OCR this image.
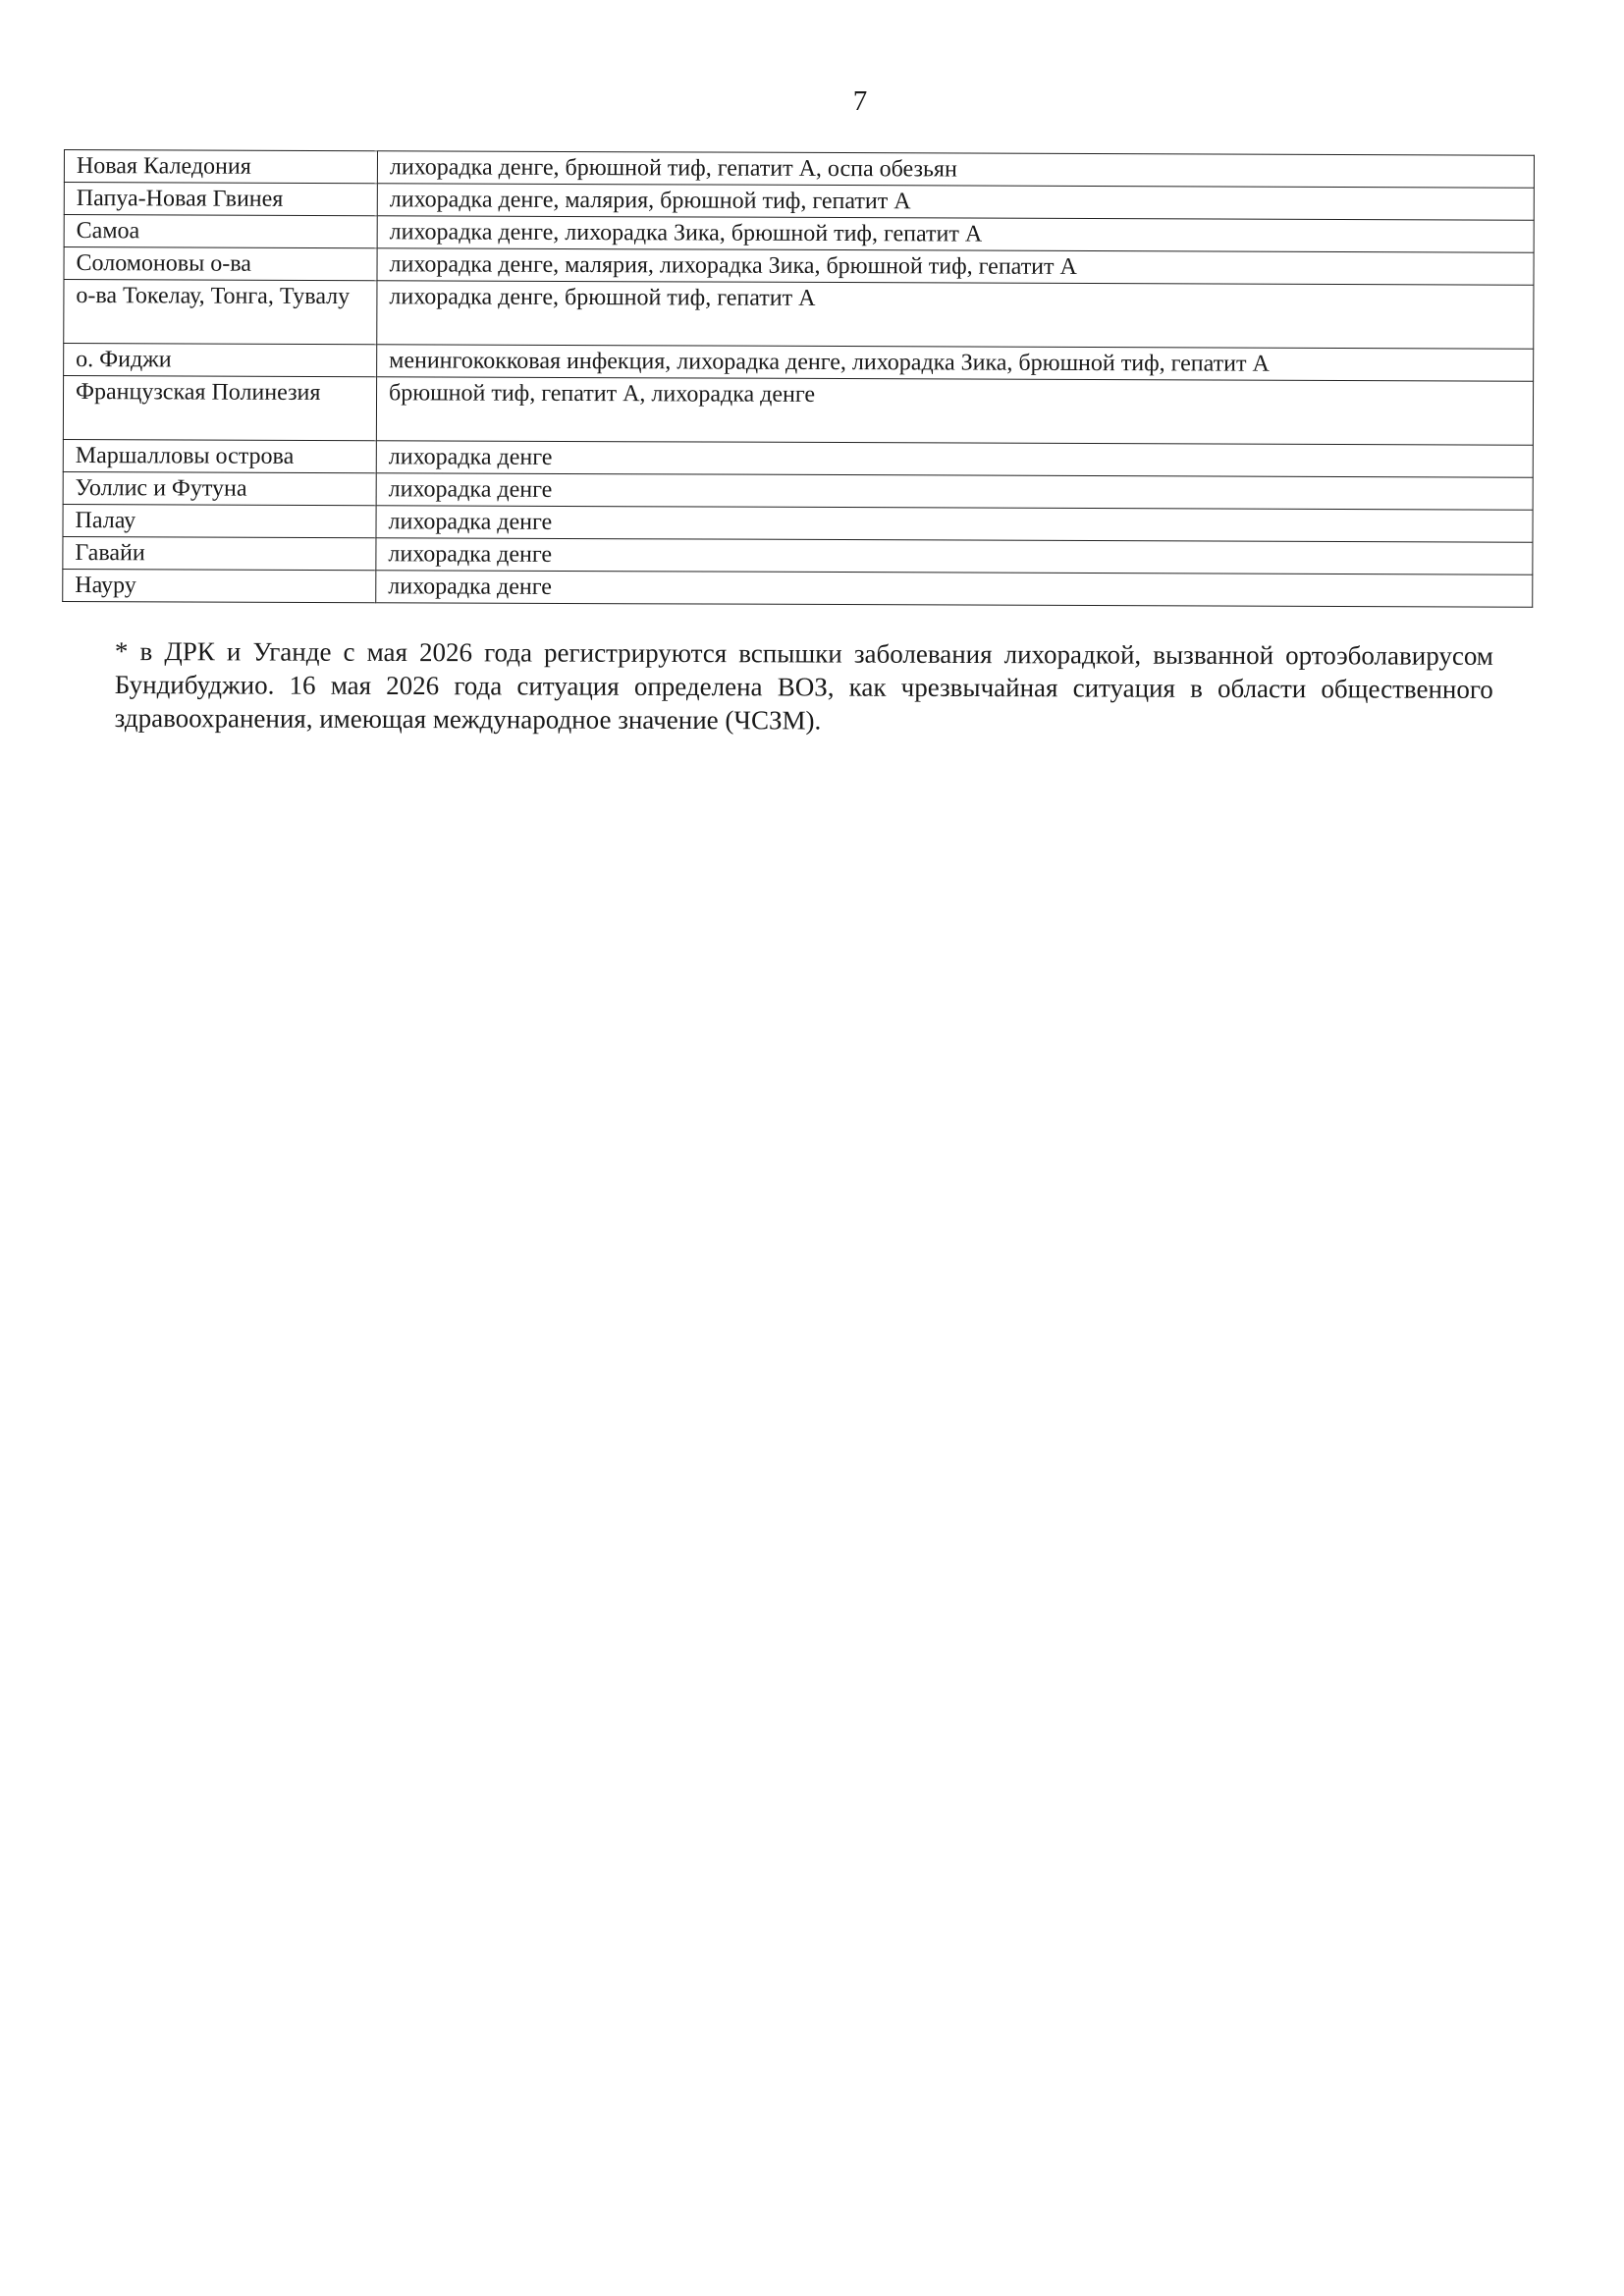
7
Новая Каледония	лихорадка денге, брюшной тиф, гепатит А, оспа обезьян
Папуа-Новая Гвинея	лихорадка денге, малярия, брюшной тиф, гепатит А
Самоа	лихорадка денге, лихорадка Зика, брюшной тиф, гепатит А
Соломоновы о-ва	лихорадка денге, малярия, лихорадка Зика, брюшной тиф, гепатит А
о-ва Токелау, Тонга, Тувалу	лихорадка денге, брюшной тиф, гепатит А
о. Фиджи	менингококковая инфекция, лихорадка денге, лихорадка Зика, брюшной тиф, гепатит А
Французская Полинезия	брюшной тиф, гепатит А, лихорадка денге
Маршалловы острова	лихорадка денге
Уоллис и Футуна	лихорадка денге
Палау	лихорадка денге
Гавайи	лихорадка денге
Науру	лихорадка денге
* в ДРК и Уганде с мая 2026 года регистрируются вспышки заболевания лихорадкой, вызванной ортоэболавирусом Бундибуджио. 16 мая 2026 года ситуация определена ВОЗ, как чрезвычайная ситуация в области общественного здравоохранения, имеющая международное значение (ЧСЗМ).
